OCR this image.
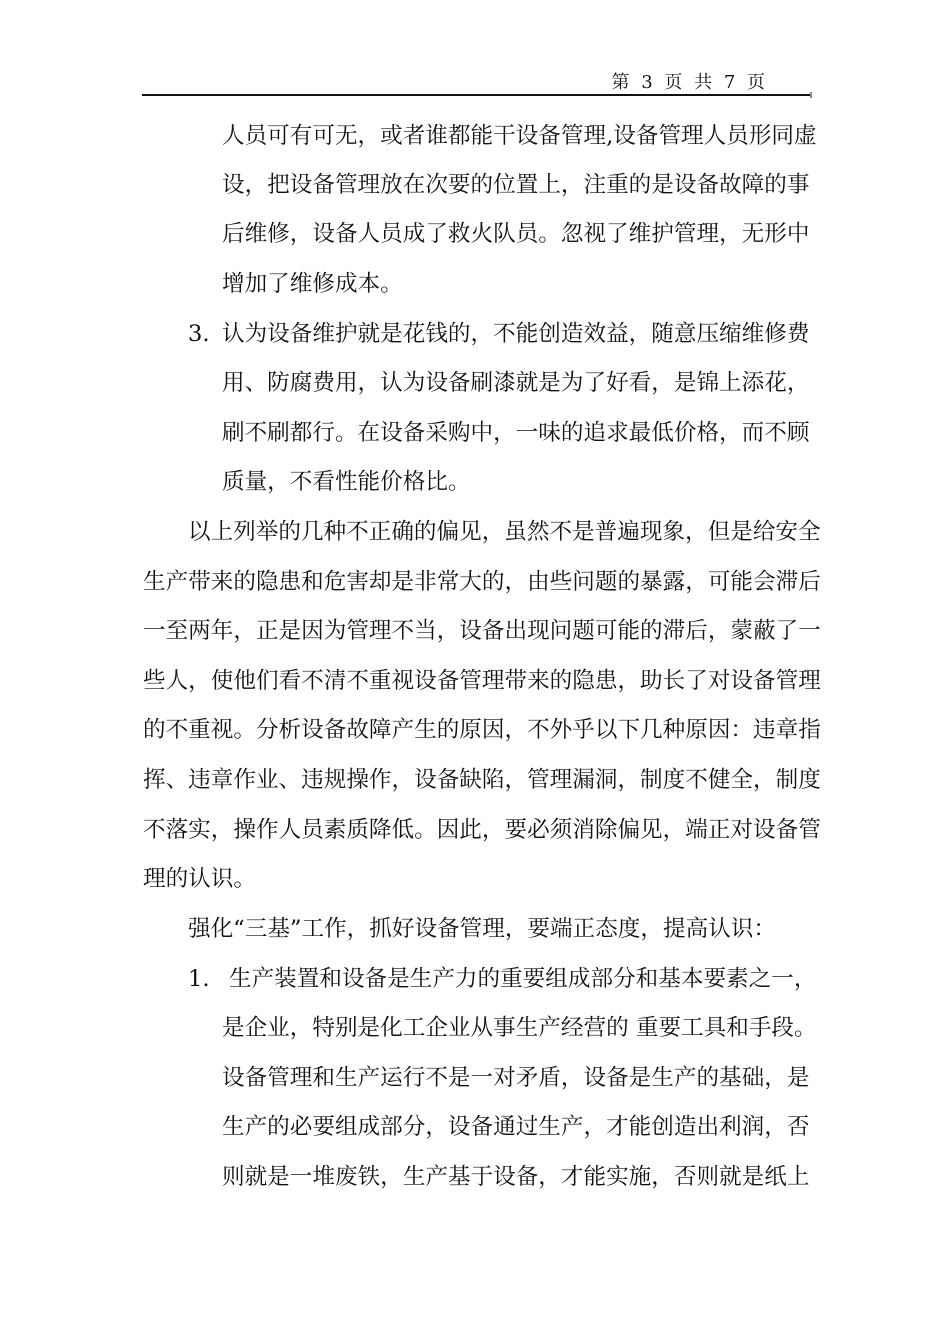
第 3 页 共 7 页
人员可有可无，或者谁都能干设备管理,设备管理人员形同虚
设，把设备管理放在次要的位置上，注重的是设备故障的事
后维修，设备人员成了救火队员。忽视了维护管理，无形中
增加了维修成本。
3. 认为设备维护就是花钱的，不能创造效益，随意压缩维修费
用、防腐费用，认为设备刷漆就是为了好看，是锦上添花，
刷不刷都行。在设备采购中，一味的追求最低价格，而不顾
质量，不看性能价格比。
以上列举的几种不正确的偏见，虽然不是普遍现象，但是给安全
生产带来的隐患和危害却是非常大的，由些问题的暴露，可能会滞后
一至两年，正是因为管理不当，设备出现问题可能的滞后，蒙蔽了一
些人，使他们看不清不重视设备管理带来的隐患，助长了对设备管理
的不重视。分析设备故障产生的原因，不外乎以下几种原因：违章指
挥、违章作业、违规操作，设备缺陷，管理漏洞，制度不健全，制度
不落实，操作人员素质降低。因此，要必须消除偏见，端正对设备管
理的认识。
强化“三基”工作，抓好设备管理，要端正态度，提高认识：
1. 生产装置和设备是生产力的重要组成部分和基本要素之一，
是企业，特别是化工企业从事生产经营的 重要工具和手段。
设备管理和生产运行不是一对矛盾，设备是生产的基础，是
生产的必要组成部分，设备通过生产，才能创造出利润，否
则就是一堆废铁，生产基于设备，才能实施，否则就是纸上
